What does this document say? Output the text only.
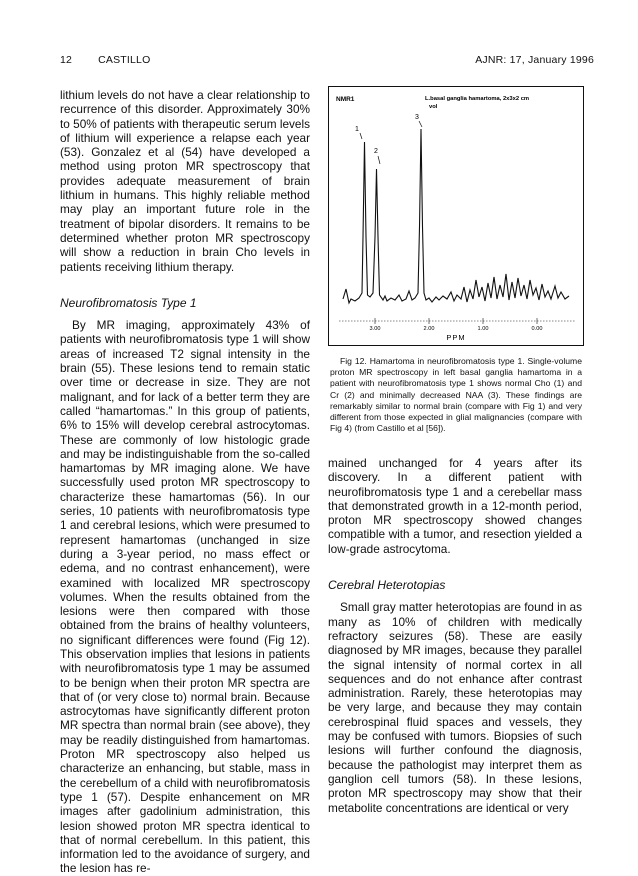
12 CASTILLO	AJNR: 17, January 1996

lithium levels do not have a clear relationship to recurrence of this disorder. Approximately 30% to 50% of patients with therapeutic serum levels of lithium will experience a relapse each year (53). Gonzalez et al (54) have developed a method using proton MR spectroscopy that provides adequate measurement of brain lithium in humans. This highly reliable method may play an important future role in the treatment of bipolar disorders. It remains to be determined whether proton MR spectroscopy will show a reduction in brain Cho levels in patients receiving lithium therapy.

Neurofibromatosis Type 1

By MR imaging, approximately 43% of patients with neurofibromatosis type 1 will show areas of increased T2 signal intensity in the brain (55). These lesions tend to remain static over time or decrease in size. They are not malignant, and for lack of a better term they are called “hamartomas.” In this group of patients, 6% to 15% will develop cerebral astrocytomas. These are commonly of low histologic grade and may be indistinguishable from the so-called hamartomas by MR imaging alone. We have successfully used proton MR spectroscopy to characterize these hamartomas (56). In our series, 10 patients with neurofibromatosis type 1 and cerebral lesions, which were presumed to represent hamartomas (unchanged in size during a 3-year period, no mass effect or edema, and no contrast enhancement), were examined with localized MR spectroscopy volumes. When the results obtained from the lesions were then compared with those obtained from the brains of healthy volunteers, no significant differences were found (Fig 12). This observation implies that lesions in patients with neurofibromatosis type 1 may be assumed to be benign when their proton MR spectra are that of (or very close to) normal brain. Because astrocytomas have significantly different proton MR spectra than normal brain (see above), they may be readily distinguished from hamartomas. Proton MR spectroscopy also helped us characterize an enhancing, but stable, mass in the cerebellum of a child with neurofibromatosis type 1 (57). Despite enhancement on MR images after gadolinium administration, this lesion showed proton MR spectra identical to that of normal cerebellum. In this patient, this information led to the avoidance of surgery, and the lesion has re-

NMR1	L.basal ganglia hamartoma, 2x3x2 cm
vol
1
2
3
3.00	2.00	1.00	0.00
PPM

Fig 12. Hamartoma in neurofibromatosis type 1. Single-volume proton MR spectroscopy in left basal ganglia hamartoma in a patient with neurofibromatosis type 1 shows normal Cho (1) and Cr (2) and minimally decreased NAA (3). These findings are remarkably similar to normal brain (compare with Fig 1) and very different from those expected in glial malignancies (compare with Fig 4) (from Castillo et al [56]).

mained unchanged for 4 years after its discovery. In a different patient with neurofibromatosis type 1 and a cerebellar mass that demonstrated growth in a 12-month period, proton MR spectroscopy showed changes compatible with a tumor, and resection yielded a low-grade astrocytoma.

Cerebral Heterotopias

Small gray matter heterotopias are found in as many as 10% of children with medically refractory seizures (58). These are easily diagnosed by MR images, because they parallel the signal intensity of normal cortex in all sequences and do not enhance after contrast administration. Rarely, these heterotopias may be very large, and because they may contain cerebrospinal fluid spaces and vessels, they may be confused with tumors. Biopsies of such lesions will further confound the diagnosis, because the pathologist may interpret them as ganglion cell tumors (58). In these lesions, proton MR spectroscopy may show that their metabolite concentrations are identical or very
